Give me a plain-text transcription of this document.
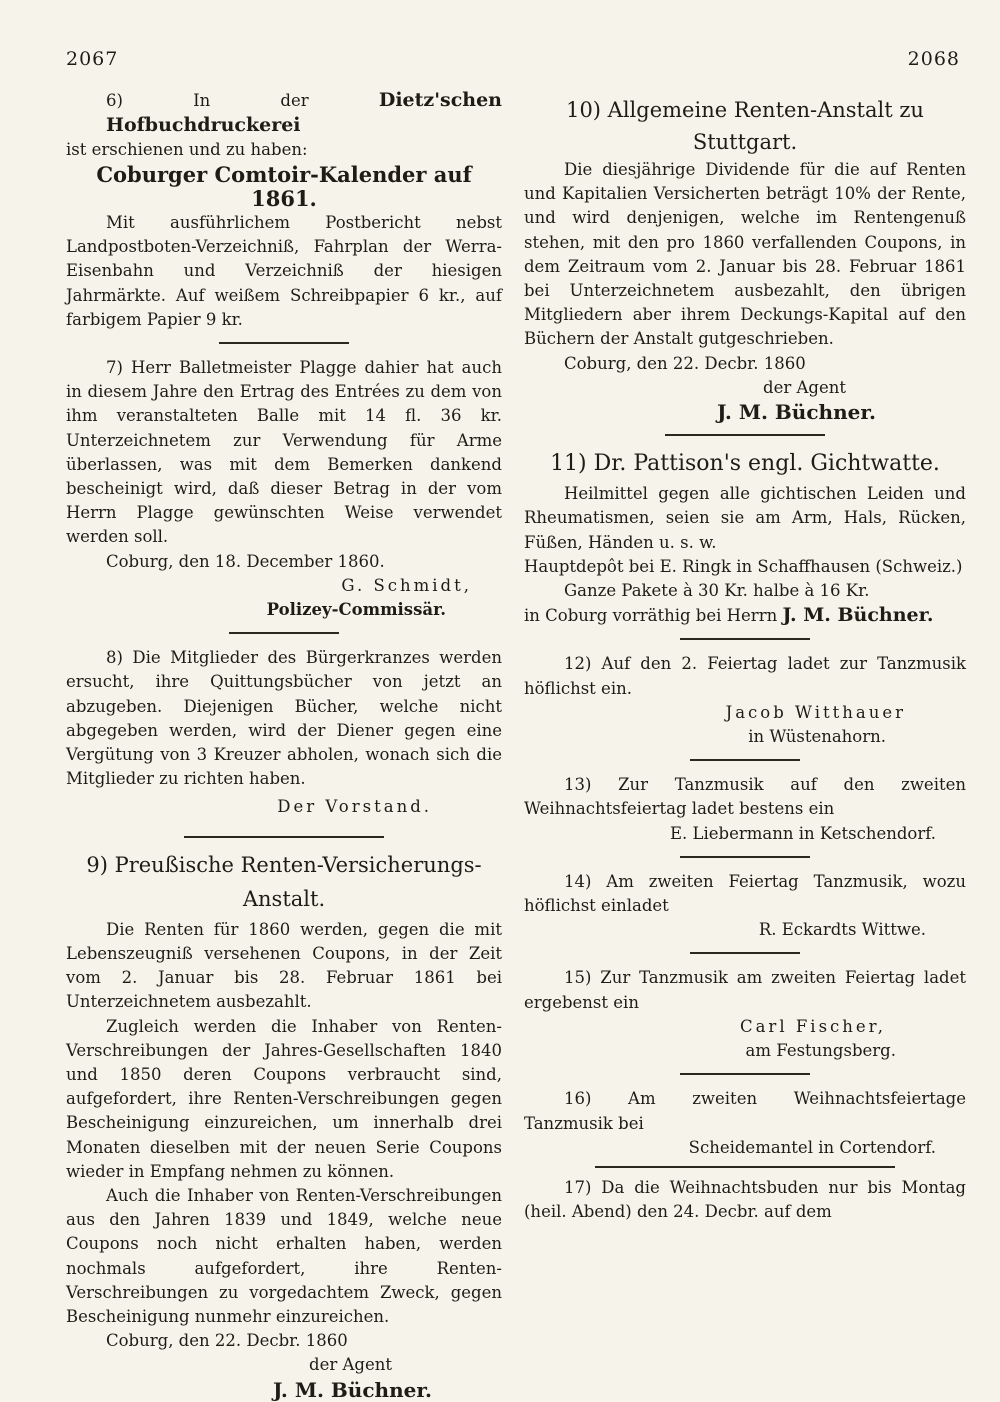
2067	2068

6) In der	Dietz'schen Hofbuchdruckerei

ist erschienen und zu haben:

Coburger Comtoir-Kalender auf 1861.

Mit ausführlichem Postbericht nebst Landpostboten-Verzeichniß, Fahrplan der Werra-Eisenbahn und Verzeichniß der hiesigen Jahrmärkte. Auf weißem Schreibpapier 6 kr., auf farbigem Papier 9 kr.

7) Herr Balletmeister Plagge dahier hat auch in diesem Jahre den Ertrag des Entrées zu dem von ihm veranstalteten Balle mit 14 fl. 36 kr. Unterzeichnetem zur Verwendung für Arme überlassen, was mit dem Bemerken dankend bescheinigt wird, daß dieser Betrag in der vom Herrn Plagge gewünschten Weise verwendet werden soll.

Coburg, den 18. December 1860.

G. Schmidt,

Polizey-Commissär.

8) Die Mitglieder des Bürgerkranzes werden ersucht, ihre Quittungsbücher von jetzt an abzugeben. Diejenigen Bücher, welche nicht abgegeben werden, wird der Diener gegen eine Vergütung von 3 Kreuzer abholen, wonach sich die Mitglieder zu richten haben.

Der Vorstand.

9) Preußische Renten-Versicherungs-

Anstalt.

Die Renten für 1860 werden, gegen die mit Lebenszeugniß versehenen Coupons, in der Zeit vom 2. Januar bis 28. Februar 1861 bei Unterzeichnetem ausbezahlt.

Zugleich werden die Inhaber von Renten-Verschreibungen der Jahres-Gesellschaften 1840 und 1850 deren Coupons verbraucht sind, aufgefordert, ihre Renten-Verschreibungen gegen Bescheinigung einzureichen, um innerhalb drei Monaten dieselben mit der neuen Serie Coupons wieder in Empfang nehmen zu können.

Auch die Inhaber von Renten-Verschreibungen aus den Jahren 1839 und 1849, welche neue Coupons noch nicht erhalten haben, werden nochmals aufgefordert, ihre Renten-Verschreibungen zu vorgedachtem Zweck, gegen Bescheinigung nunmehr einzureichen.

Coburg, den 22. Decbr. 1860

der Agent

J. M. Büchner.

10) Allgemeine Renten-Anstalt zu

Stuttgart.

Die diesjährige Dividende für die auf Renten und Kapitalien Versicherten beträgt 10% der Rente, und wird denjenigen, welche im Rentengenuß stehen, mit den pro 1860 verfallenden Coupons, in dem Zeitraum vom 2. Januar bis 28. Februar 1861 bei Unterzeichnetem ausbezahlt, den übrigen Mitgliedern aber ihrem Deckungs-Kapital auf den Büchern der Anstalt gutgeschrieben.

Coburg, den 22. Decbr. 1860

der Agent

J. M. Büchner.

11) Dr. Pattison's engl. Gichtwatte.

Heilmittel gegen alle gichtischen Leiden und Rheumatismen, seien sie am Arm, Hals, Rücken, Füßen, Händen u. s. w.

Hauptdepôt bei E. Ringk in Schaffhausen (Schweiz.)

Ganze Pakete à 30 Kr. halbe à 16 Kr.

in Coburg vorräthig bei Herrn J. M. Büchner.

12) Auf den 2. Feiertag ladet zur Tanzmusik höflichst ein.

Jacob Witthauer

in Wüstenahorn.

13) Zur Tanzmusik auf den zweiten Weihnachtsfeiertag ladet bestens ein

E. Liebermann in Ketschendorf.

14) Am zweiten Feiertag Tanzmusik, wozu höflichst einladet

R. Eckardts Wittwe.

15) Zur Tanzmusik am zweiten Feiertag ladet ergebenst ein

Carl Fischer,

am Festungsberg.

16) Am zweiten Weihnachtsfeiertage Tanzmusik bei

Scheidemantel in Cortendorf.

17) Da die Weihnachtsbuden nur bis Montag (heil. Abend) den 24. Decbr. auf dem
